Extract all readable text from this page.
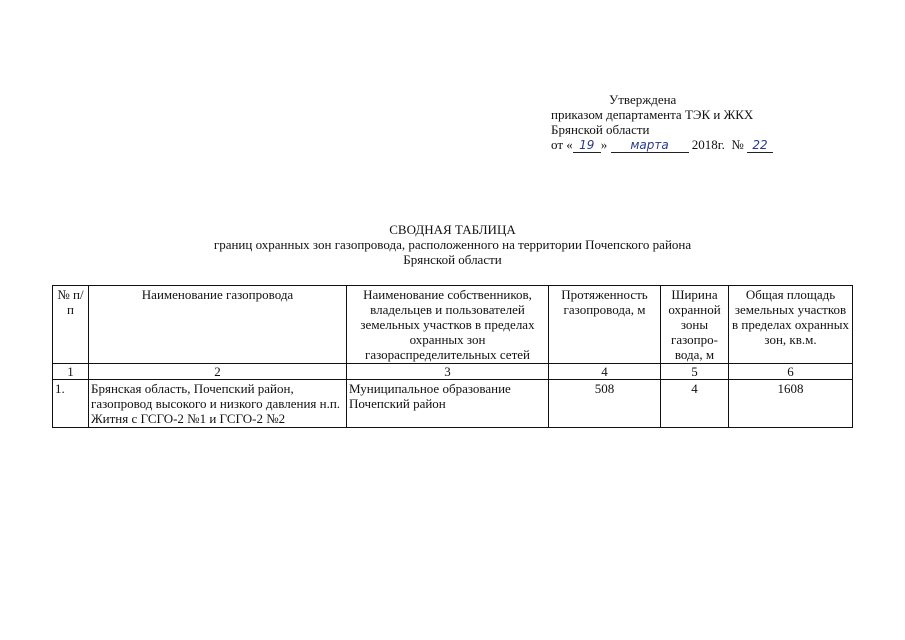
Утверждена
приказом департамента ТЭК и ЖКХ
Брянской области
от « 19 » марта 2018г. № 22
СВОДНАЯ ТАБЛИЦА
границ охранных зон газопровода, расположенного на территории Почепского района
Брянской области
№ п/п	Наименование газопровода	Наименование собственников, владельцев и пользователей земельных участков в пределах охранных зон газораспределительных сетей	Протяженность газопровода, м	Ширина охранной зоны газопро-вода, м	Общая площадь земельных участков в пределах охранных зон, кв.м.
1	2	3	4	5	6
1.	Брянская область, Почепский район, газопровод высокого и низкого давления н.п. Житня с ГСГО-2 №1 и ГСГО-2 №2	Муниципальное образование Почепский район	508	4	1608
